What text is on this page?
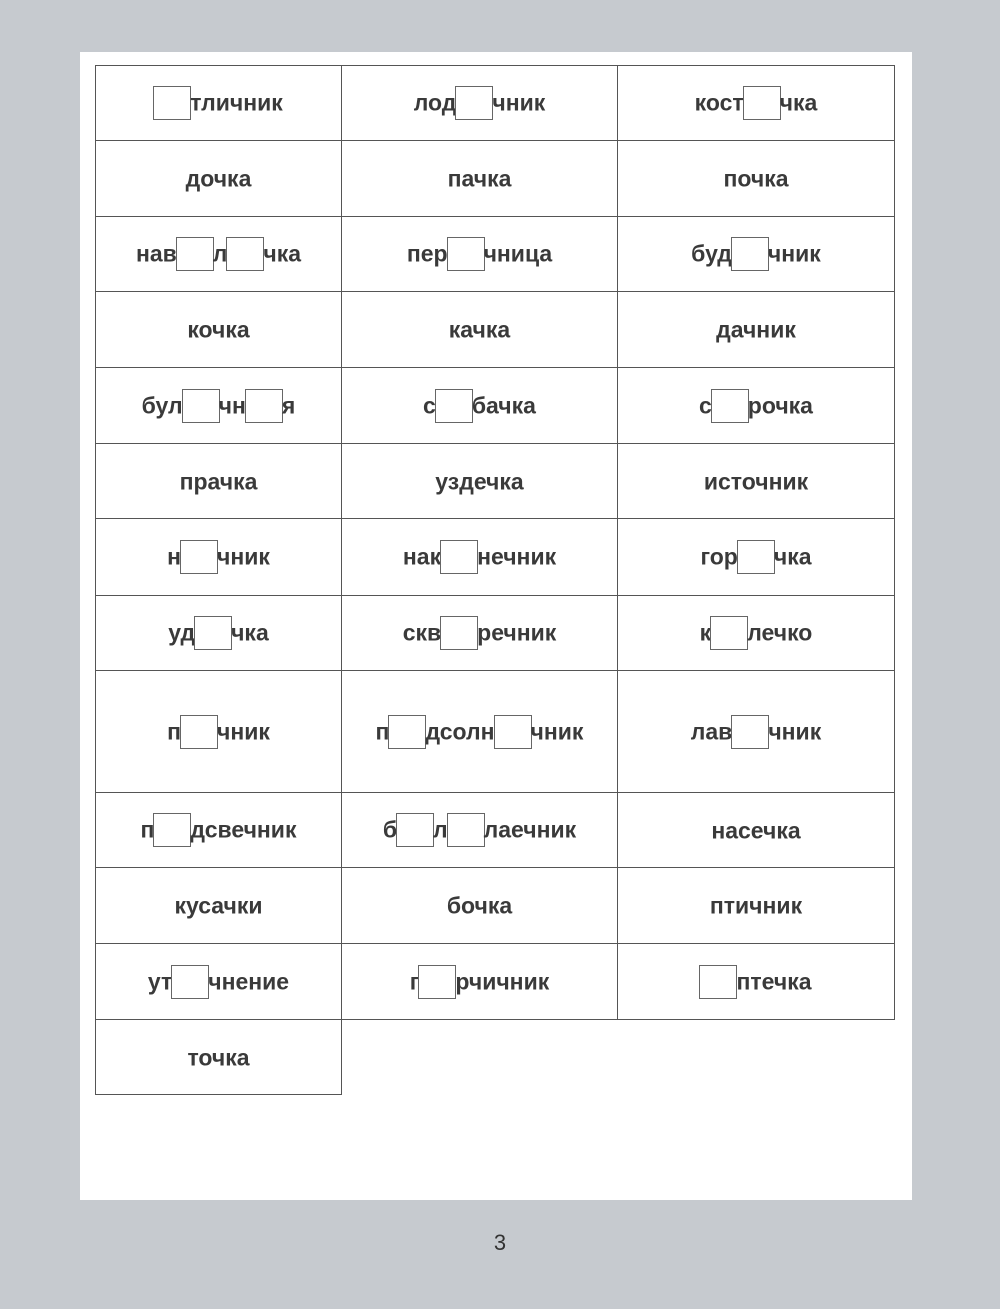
тличник	лод чник	кост чка
дочка	пачка	почка
нав л чка	пер чница	буд чник
кочка	качка	дачник
бул чн я	с бачка	с рочка
прачка	уздечка	источник
н чник	нак нечник	гор чка
уд чка	скв речник	к лечко
п чник	п дсолн чник	лав чник
п дсвечник	б л лаечник	насечка
кусачки	бочка	птичник
ут чнение	г рчичник	птечка
точка		
3
